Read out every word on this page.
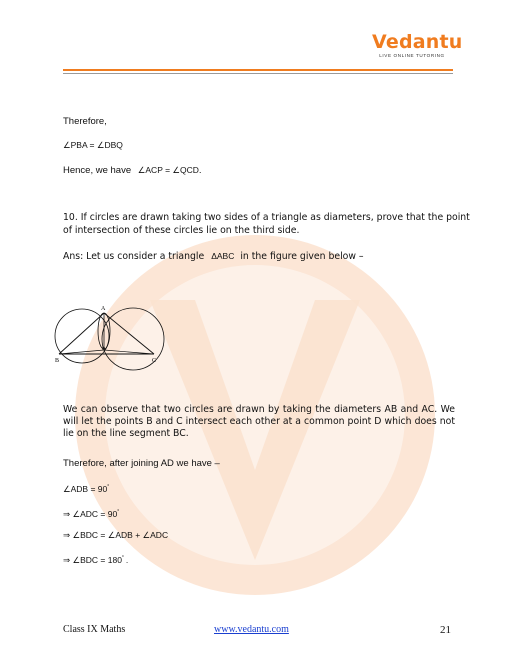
Vedantu
LIVE ONLINE TUTORING
Therefore,
∠PBA = ∠DBQ
Hence, we have ∠ACP = ∠QCD.
10. If circles are drawn taking two sides of a triangle as diameters, prove that the point
of intersection of these circles lie on the third side.
Ans: Let us consider a triangle ΔABC in the figure given below –
A
B	C
D
We can observe that two circles are drawn by taking the diameters AB and AC. We will let the points B and C intersect each other at a common point D which does not lie on the line segment BC.
Therefore, after joining AD we have –
∠ADB = 90°
⇒ ∠ADC = 90°
⇒ ∠BDC = ∠ADB + ∠ADC
⇒ ∠BDC = 180° .
Class IX Maths	www.vedantu.com	21
